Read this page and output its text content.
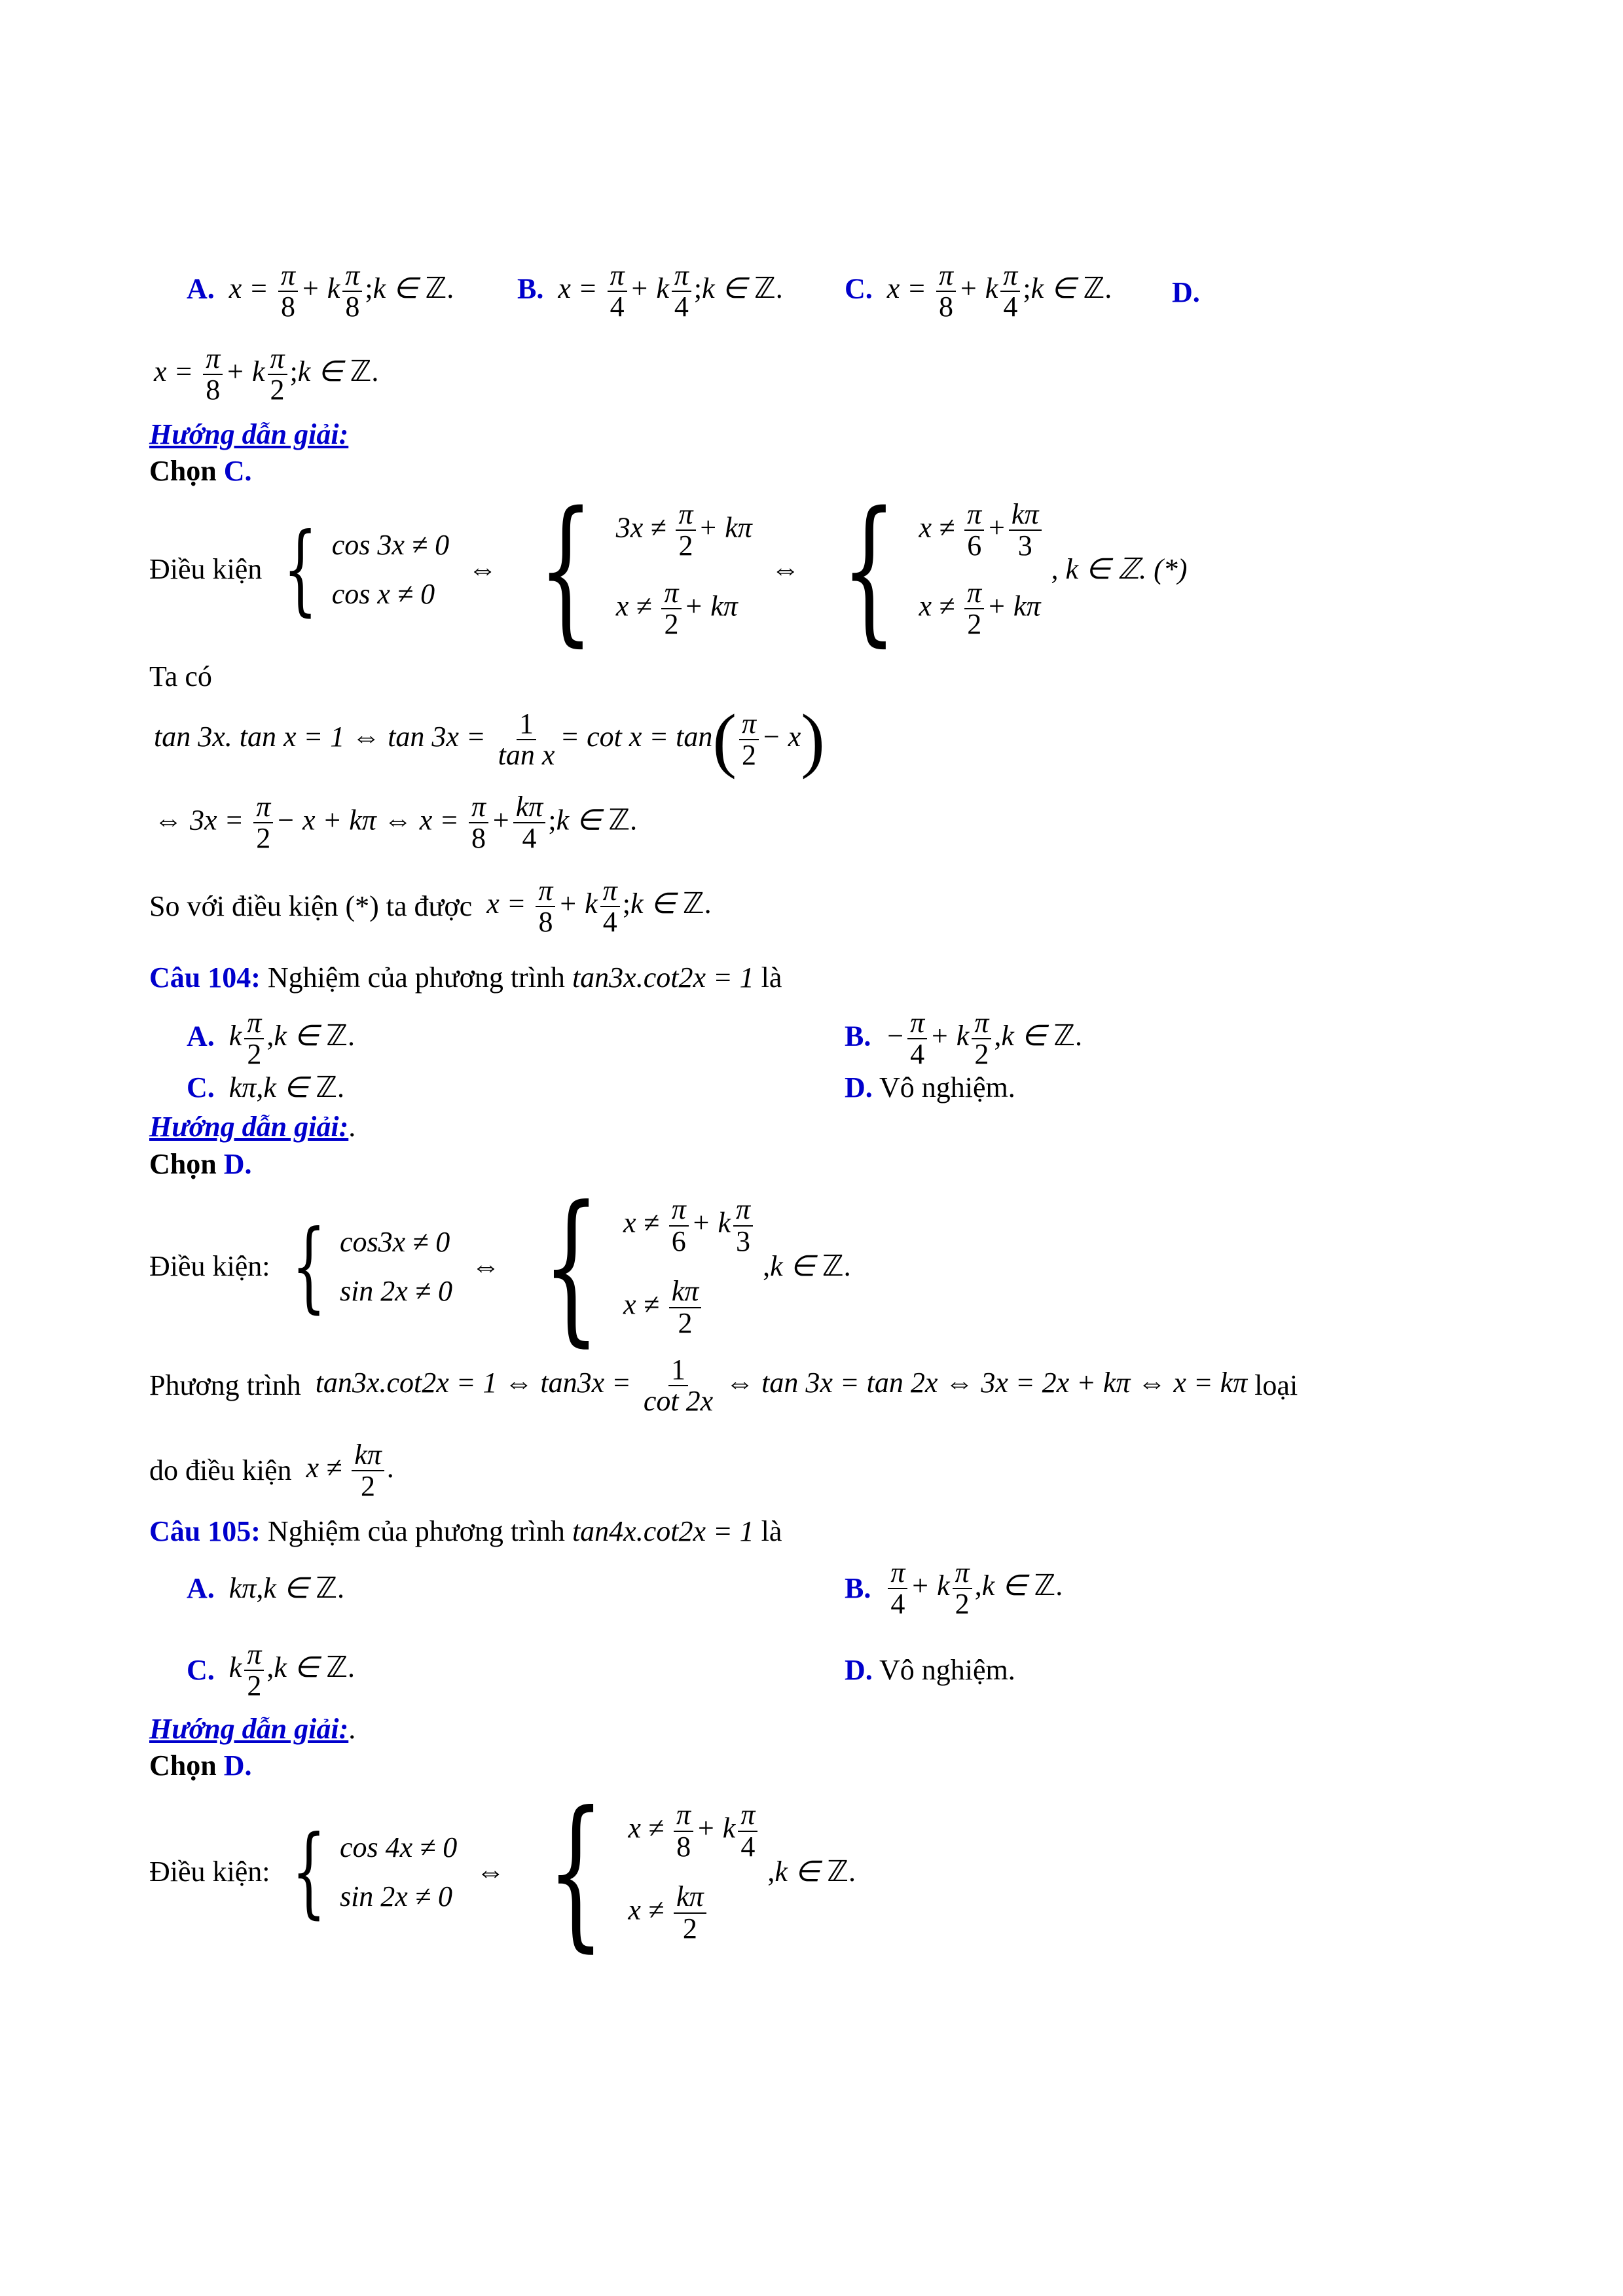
A.  $x = \frac{\pi}{8} + k \frac{\pi}{8}$ ;k ∈ ℤ. B.  $x = \frac{\pi}{4} + k \frac{\pi}{4}$ ;k ∈ ℤ. C.  $x = \frac{\pi}{8} + k \frac{\pi}{4}$ ;k ∈ ℤ. D.
$x = \frac{\pi}{8} + k \frac{\pi}{2}$ ;k ∈ ℤ.
Hướng dẫn giải:
Chọn C.
Điều kiện { cos 3x ≠ 0
cos x ≠ 0
⇔ { $3x \ne \frac{\pi}{2} + k\pi$
$x \ne \frac{\pi}{2} + k\pi$
⇔ { $x \ne \frac{\pi}{6} + \frac{k\pi}{3}$
$x \ne \frac{\pi}{2} + k\pi$
, k ∈ ℤ. (*)
Ta có
tan 3x. tan x = 1 ⇔ $\tan 3x = \frac{1}{\text{tan x}} = \cot x = \tan( \frac{\pi}{2} - x)$
⇔ $3x = \frac{\pi}{2} - x + k\pi$ ⇔ $x = \frac{\pi}{8} + \frac{k\pi}{4}$ ;k ∈ ℤ.
So với điều kiện (*) ta được  $x = \frac{\pi}{8} + k \frac{\pi}{4}$ ;k ∈ ℤ.
Câu 104: Nghiệm của phương trình tan3x.cot2x = 1 là
A.  k $\frac{\pi}{2} ,k$ ∈ ℤ.	B.  − $\frac{\pi}{4} + k \frac{\pi}{2} ,k$ ∈ ℤ.
C.  kπ,k ∈ ℤ.	D. Vô nghiệm.
Hướng dẫn giải:.
Chọn D.
Điều kiện: { cos3x ≠ 0
sin 2x ≠ 0
⇔ { $x \ne \frac{\pi}{6} + k \frac{\pi}{3}$
$x \ne \frac{k\pi}{2}$
,k ∈ ℤ.
Phương trình  tan3x.cot2x = 1 ⇔ $\tan 3x = \frac{1}{\cot 2x}$ ⇔ tan 3x = tan 2x ⇔ 3x = 2x + kπ ⇔ x = kπ loại
do điều kiện  $x \ne \frac{k\pi}{2}$ .
Câu 105: Nghiệm của phương trình tan4x.cot2x = 1 là
A.  kπ,k ∈ ℤ.	B. $\frac{\pi}{4} + k \frac{\pi}{2} ,k$ ∈ ℤ.
C.  k $\frac{\pi}{2} ,k$ ∈ ℤ.	D. Vô nghiệm.
Hướng dẫn giải:.
Chọn D.
Điều kiện: { cos 4x ≠ 0
sin 2x ≠ 0
⇔ { $x \ne \frac{\pi}{8} + k \frac{\pi}{4}$
$x \ne \frac{k\pi}{2}$
,k ∈ ℤ.
